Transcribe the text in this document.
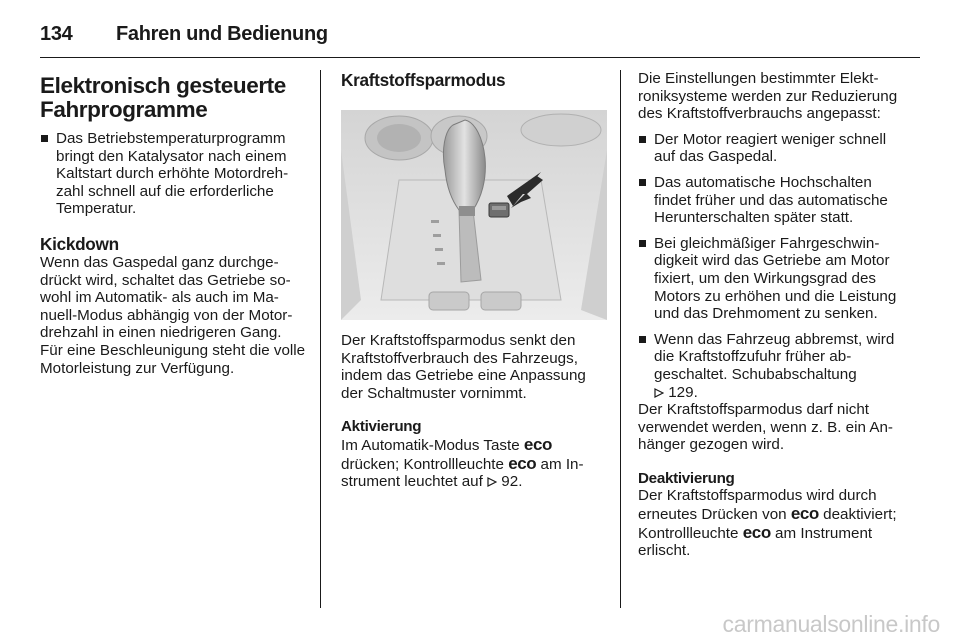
134	Fahren und Bedienung
Elektronisch gesteuerte Fahrprogramme
Das Betriebstemperaturprogramm bringt den Katalysator nach einem Kaltstart durch erhöhte Motordrehzahl schnell auf die erforderliche Temperatur.
Kickdown

Wenn das Gaspedal ganz durchgedrückt wird, schaltet das Getriebe sowohl im Automatik- als auch im Manuell-Modus abhängig von der Motordrehzahl in einen niedrigeren Gang. Für eine Beschleunigung steht die volle Motorleistung zur Verfügung.

Kraftstoffsparmodus

Der Kraftstoffsparmodus senkt den Kraftstoffverbrauch des Fahrzeugs, indem das Getriebe eine Anpassung der Schaltmuster vornimmt.

Aktivierung

Im Automatik-Modus Taste eco drücken; Kontrollleuchte eco am Instrument leuchtet auf 92.

Die Einstellungen bestimmter Elektroniksysteme werden zur Reduzierung des Kraftstoffverbrauchs angepasst:

Der Motor reagiert weniger schnell auf das Gaspedal.
Das automatische Hochschalten findet früher und das automatische Herunterschalten später statt.
Bei gleichmäßiger Fahrgeschwindigkeit wird das Getriebe am Motor fixiert, um den Wirkungsgrad des Motors zu erhöhen und die Leistung und das Drehmoment zu senken.
Wenn das Fahrzeug abbremst, wird die Kraftstoffzufuhr früher abgeschaltet. Schubabschaltung
129.

Der Kraftstoffsparmodus darf nicht verwendet werden, wenn z. B. ein Anhänger gezogen wird.

Deaktivierung

Der Kraftstoffsparmodus wird durch erneutes Drücken von eco deaktiviert; Kontrollleuchte eco am Instrument erlischt.

carmanualsonline.info
